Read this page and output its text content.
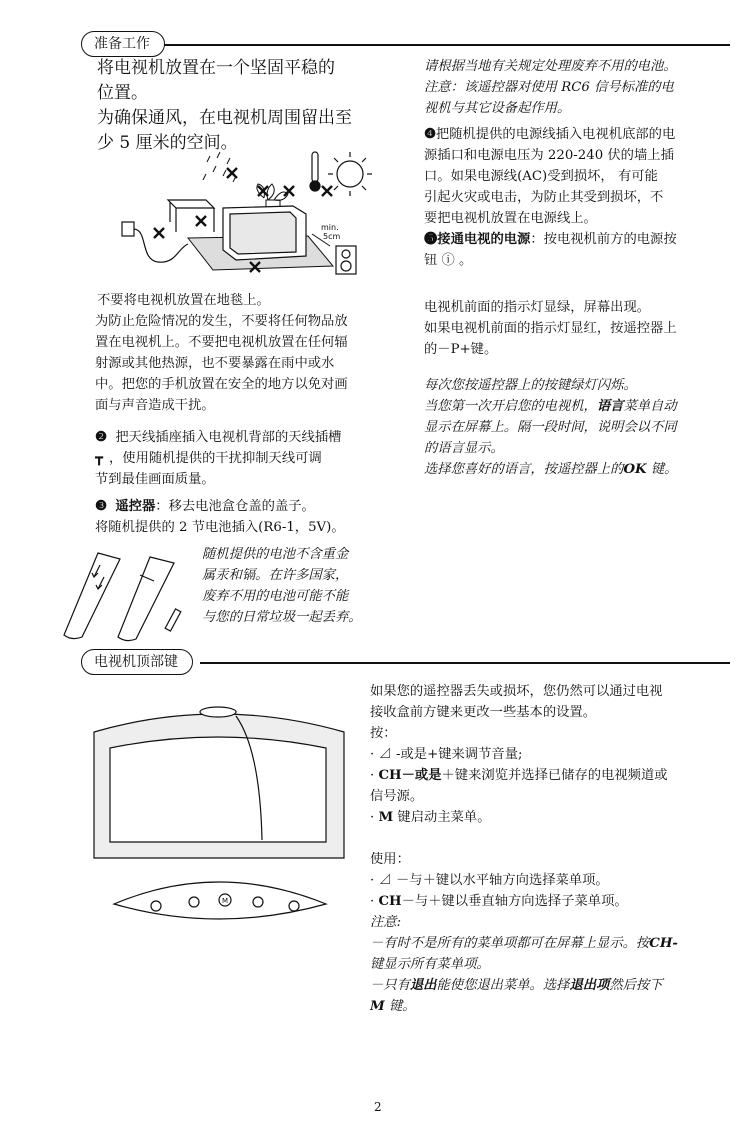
准备工作
将电视机放置在一个坚固平稳的
位置。
为确保通风，在电视机周围留出至
少 5 厘米的空间。
min.
5cm
不要将电视机放置在地毯上。
为防止危险情况的发生，不要将任何物品放
置在电视机上。不要把电视机放置在任何辐
射源或其他热源，也不要暴露在雨中或水
中。把您的手机放置在安全的地方以免对画
面与声音造成干扰。
❷ 把天线插座插入电视机背部的天线插槽
┳ ，使用随机提供的干扰抑制天线可调
节到最佳画面质量。
❸ 遥控器：移去电池盒仓盖的盖子。
将随机提供的 2 节电池插入(R6-1，5V)。
随机提供的电池不含重金
属汞和镉。在许多国家，
废弃不用的电池可能不能
与您的日常垃圾一起丢弃。
请根据当地有关规定处理废弃不用的电池。
注意：该遥控器对使用 RC6 信号标准的电
视机与其它设备起作用。
❹把随机提供的电源线插入电视机底部的电
源插口和电源电压为 220-240 伏的墙上插
口。如果电源线(AC)受到损坏， 有可能
引起火灾或电击，为防止其受到损坏，不
要把电视机放置在电源线上。
❺接通电视的电源：按电视机前方的电源按
钮 ⓘ 。
电视机前面的指示灯显绿，屏幕出现。
如果电视机前面的指示灯显红，按遥控器上
的－P+键。
每次您按遥控器上的按键绿灯闪烁。
当您第一次开启您的电视机，语言菜单自动
显示在屏幕上。隔一段时间，说明会以不同
的语言显示。
选择您喜好的语言，按遥控器上的OK 键。
电视机顶部键
M
如果您的遥控器丢失或损坏，您仍然可以通过电视
接收盒前方键来更改一些基本的设置。
按：
· ⊿ -或是+键来调节音量;
· CH－或是＋键来浏览并选择已储存的电视频道或
信号源。
· M 键启动主菜单。
使用：
· ⊿ －与＋键以水平轴方向选择菜单项。
· CH－与＋键以垂直轴方向选择子菜单项。
注意:
－有时不是所有的菜单项都可在屏幕上显示。按CH-
键显示所有菜单项。
－只有退出能使您退出菜单。选择退出项然后按下
M 键。
2
